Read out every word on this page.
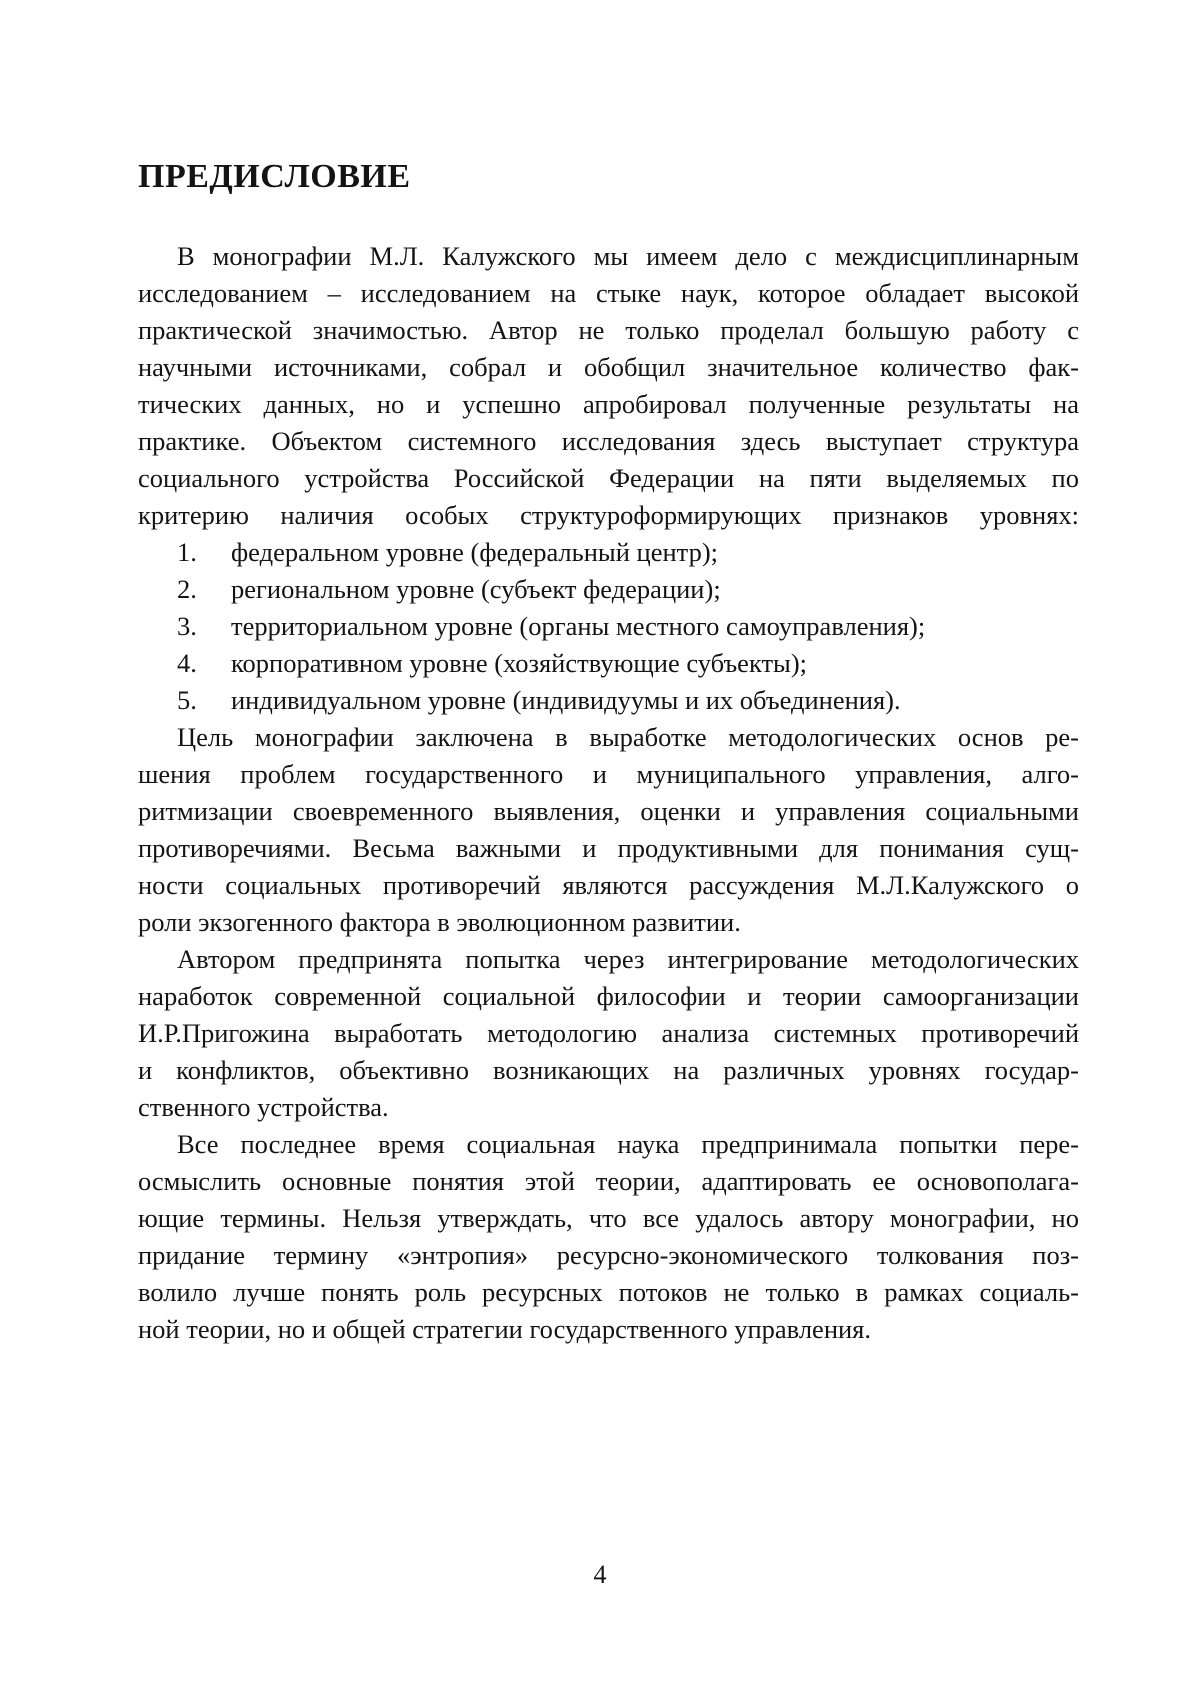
ПРЕДИСЛОВИЕ
В монографии М.Л. Калужского мы имеем дело с междисциплинарным
исследованием – исследованием на стыке наук, которое обладает высокой
практической значимостью. Автор не только проделал большую работу с
научными источниками, собрал и обобщил значительное количество фак-
тических данных, но и успешно апробировал полученные результаты на
практике. Объектом системного исследования здесь выступает структура
социального устройства Российской Федерации на пяти выделяемых по
критерию наличия особых структуроформирующих признаков уровнях:
1. федеральном уровне (федеральный центр);
2. региональном уровне (субъект федерации);
3. территориальном уровне (органы местного самоуправления);
4. корпоративном уровне (хозяйствующие субъекты);
5. индивидуальном уровне (индивидуумы и их объединения).
Цель монографии заключена в выработке методологических основ ре-
шения проблем государственного и муниципального управления, алго-
ритмизации своевременного выявления, оценки и управления социальными
противоречиями. Весьма важными и продуктивными для понимания сущ-
ности социальных противоречий являются рассуждения М.Л.Калужского о
роли экзогенного фактора в эволюционном развитии.
Автором предпринята попытка через интегрирование методологических
наработок современной социальной философии и теории самоорганизации
И.Р.Пригожина выработать методологию анализа системных противоречий
и конфликтов, объективно возникающих на различных уровнях государ-
ственного устройства.
Все последнее время социальная наука предпринимала попытки пере-
осмыслить основные понятия этой теории, адаптировать ее основополага-
ющие термины. Нельзя утверждать, что все удалось автору монографии, но
придание термину «энтропия» ресурсно-экономического толкования поз-
волило лучше понять роль ресурсных потоков не только в рамках социаль-
ной теории, но и общей стратегии государственного управления.
4
